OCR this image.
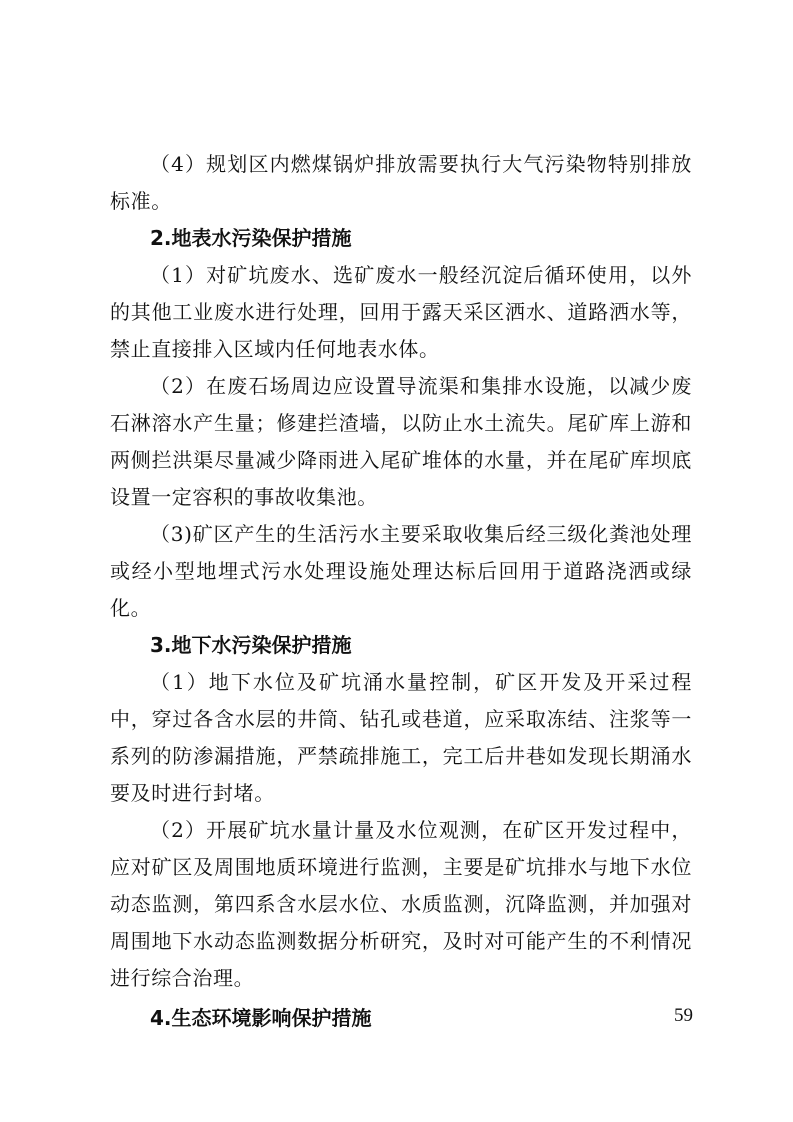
（4）规划区内燃煤锅炉排放需要执行大气污染物特别排放标准。

2.地表水污染保护措施

（1）对矿坑废水、选矿废水一般经沉淀后循环使用，以外的其他工业废水进行处理，回用于露天采区洒水、道路洒水等，禁止直接排入区域内任何地表水体。

（2）在废石场周边应设置导流渠和集排水设施，以减少废石淋溶水产生量；修建拦渣墙，以防止水土流失。尾矿库上游和两侧拦洪渠尽量减少降雨进入尾矿堆体的水量，并在尾矿库坝底设置一定容积的事故收集池。

（3)矿区产生的生活污水主要采取收集后经三级化粪池处理或经小型地埋式污水处理设施处理达标后回用于道路浇洒或绿化。

3.地下水污染保护措施

（1）地下水位及矿坑涌水量控制，矿区开发及开采过程中，穿过各含水层的井筒、钻孔或巷道，应采取冻结、注浆等一系列的防渗漏措施，严禁疏排施工，完工后井巷如发现长期涌水要及时进行封堵。

（2）开展矿坑水量计量及水位观测，在矿区开发过程中，应对矿区及周围地质环境进行监测，主要是矿坑排水与地下水位动态监测，第四系含水层水位、水质监测，沉降监测，并加强对周围地下水动态监测数据分析研究，及时对可能产生的不利情况进行综合治理。

4.生态环境影响保护措施	59
